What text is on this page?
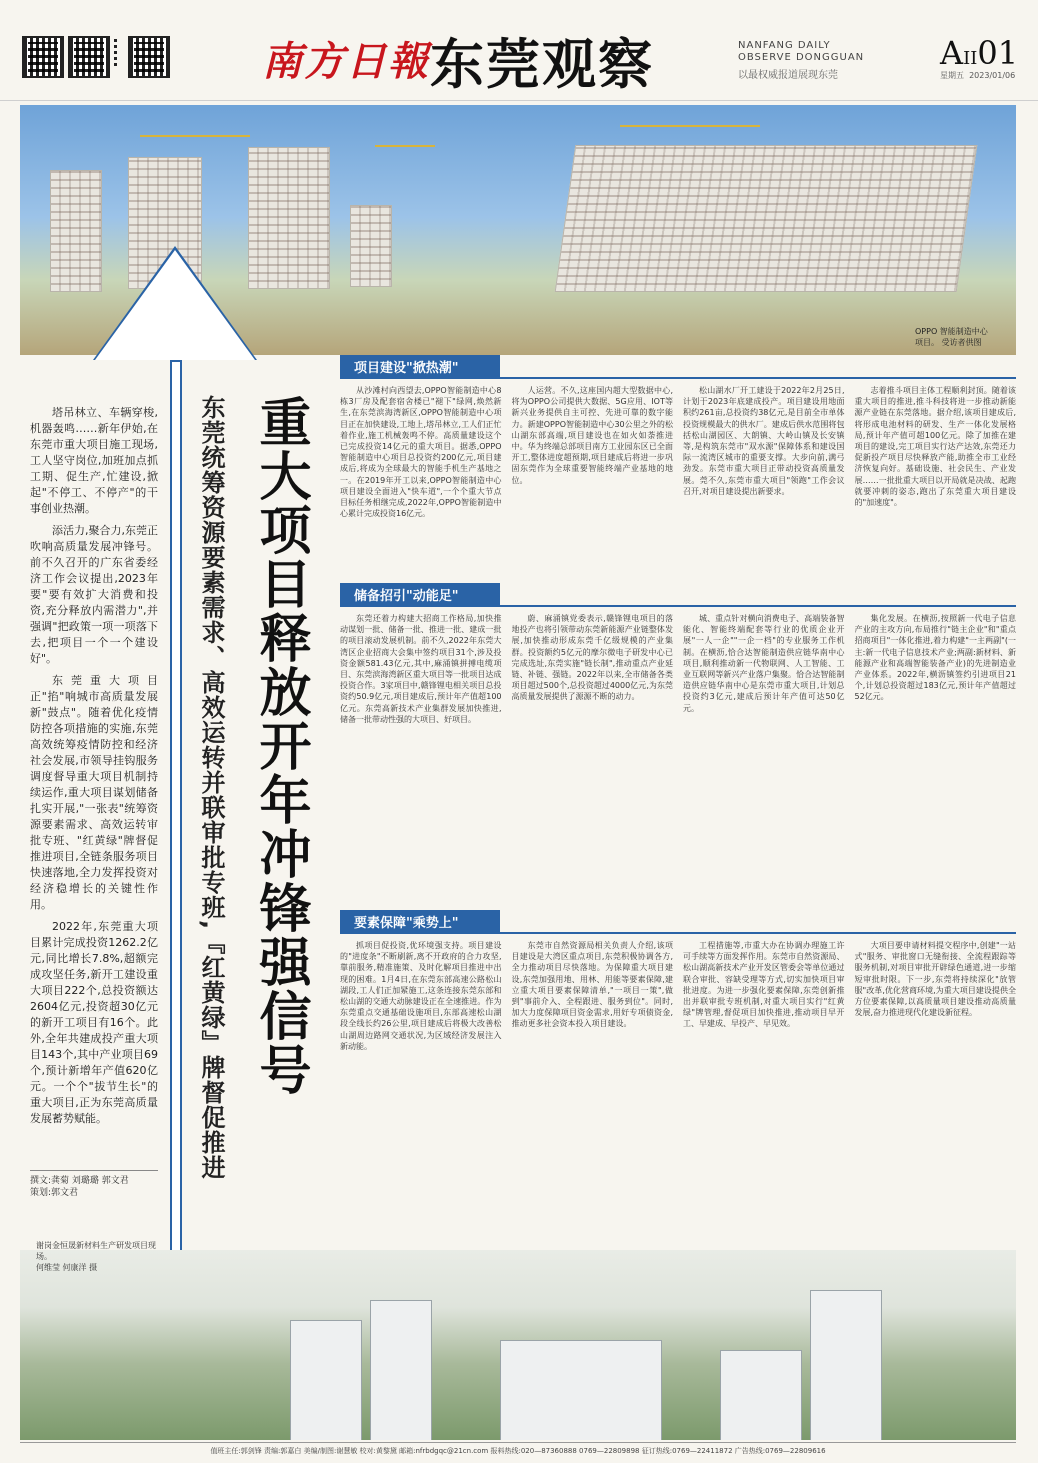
南方日報 东莞观察	NANFANG DAILY
OBSERVE DONGGUAN
以最权威报道展现东莞
AII01
星期五 2023/01/06
OPPO 智能制造中心
项目。 受访者供图

塔吊林立、车辆穿梭,机器轰鸣……新年伊始,在东莞市重大项目施工现场,工人坚守岗位,加班加点抓工期、促生产,忙建设,掀起"不停工、不停产"的干事创业热潮。

添活力,聚合力,东莞正吹响高质量发展冲锋号。前不久召开的广东省委经济工作会议提出,2023年要"要有效扩大消费和投资,充分释放内需潜力",并强调"把政策一项一项落下去,把项目一个一个建设好"。

东莞重大项目正"掐"响城市高质量发展新"鼓点"。随着优化疫情防控各项措施的实施,东莞高效统筹疫情防控和经济社会发展,市领导挂钩服务调度督导重大项目机制持续运作,重大项目谋划储备扎实开展,"一张表"统筹资源要素需求、高效运转审批专班、"红黄绿"牌督促推进项目,全链条服务项目快速落地,全力发挥投资对经济稳增长的关键性作用。

2022年,东莞重大项目累计完成投资1262.2亿元,同比增长7.8%,超额完成攻坚任务,新开工建设重大项目222个,总投资额达2604亿元,投资超30亿元的新开工项目有16个。此外,全年共建成投产重大项目143个,其中产业项目69个,预计新增年产值620亿元。一个个"拔节生长"的重大项目,正为东莞高质量发展蓄势赋能。

撰文:龚菊 刘璐璐 郭文君
策划:郭文君
重大项目释放开年冲锋强信号
东莞统筹资源要素需求、高效运转并联审批专班,『红黄绿』牌督促推进
项目建设"掀热潮"

从沙滩村向西望去,OPPO智能制造中心8栋3厂房及配套宿舍楼已"褪下"绿网,焕然新生,在东莞滨海湾新区,OPPO智能制造中心项目正在加快建设,工地上,塔吊林立,工人们正忙着作业,施工机械轰鸣不停。高质量建设这个已完成投资14亿元的重大项目。据悉,OPPO智能制造中心项目总投资约200亿元,项目建成后,将成为全球最大的智能手机生产基地之一。在2019年开工以来,OPPO智能制造中心项目建设全面进入"快车道",一个个重大节点目标任务相继完成,2022年,OPPO智能制造中心累计完成投资16亿元。

人运营。不久,这座国内超大型数据中心,将为OPPO公司提供大数据、5G应用、IOT等新兴业务提供自主可控、先进可靠的数字能力。新建OPPO智能制造中心30公里之外的松山湖东部高端,项目建设也在如火如荼推进中。华为终端总部项目南方工业园东区已全面开工,整体进度超预期,项目建成后将进一步巩固东莞作为全球重要智能终端产业基地的地位。

松山湖水厂开工建设于2022年2月25日,计划于2023年底建成投产。项目建设用地面积约261亩,总投资约38亿元,是目前全市单体投资规模最大的供水厂。建成后供水范围将包括松山湖园区、大朗镇、大岭山镇及长安镇等,是构筑东莞市"双水源"保障体系和建设国际一流湾区城市的重要支撑。大步向前,满弓劲发。东莞市重大项目正带动投资高质量发展。莞不久,东莞市重大项目"领跑"工作会议召开,对项目建设提出新要求。

志着推斗项目主体工程顺利封顶。随着该重大项目的推进,推斗科技将进一步推动新能源产业链在东莞落地。据介绍,该项目建成后,将形成电池材料的研发、生产一体化发展格局,预计年产值可超100亿元。除了加推在建项目的建设,完工项目实行达产达效,东莞还力促新投产项目尽快释放产能,助推全市工业经济恢复向好。基础设施、社会民生、产业发展……一批批重大项目以开局就是决战、起跑就要冲刺的姿态,跑出了东莞重大项目建设的"加速度"。

储备招引"动能足"

东莞还着力构建大招商工作格局,加快推动谋划一批、储备一批、推进一批、建成一批的项目滚动发展机制。前不久,2022年东莞大湾区企业招商大会集中签约项目31个,涉及投资金额581.43亿元,其中,麻涌镇拼搏电缆项目、东莞滨海湾新区重大项目等一批项目达成投资合作。3家项目中,赣锋锂电相关项目总投资约50.9亿元,项目建成后,预计年产值超100亿元。东莞高新技术产业集群发展加快推进,储备一批带动性强的大项目、好项目。

蔚、麻涌镇党委表示,赣锋锂电项目的落地投产也将引领带动东莞新能源产业链整体发展,加快推动形成东莞千亿级规模的产业集群。投资额约5亿元的摩尔微电子研发中心已完成选址,东莞实施"链长制",推动重点产业延链、补链、强链。2022年以来,全市储备各类项目超过500个,总投资超过4000亿元,为东莞高质量发展提供了源源不断的动力。

城、重点针对横向消费电子、高端装备智能化、智能终端配套等行业的优质企业开展"一人一企""一企一档"的专业服务工作机制。在横沥,恰合达智能制造供应链华南中心项目,顺利推动新一代物联网、人工智能、工业互联网等新兴产业落户集聚。恰合达智能制造供应链华南中心是东莞市重大项目,计划总投资约3亿元,建成后预计年产值可达50亿元。

集化发展。在横沥,按照新一代电子信息产业的主攻方向,布局推行"链主企业"和"重点招商项目"一体化推进,着力构建"一主两副"(一主:新一代电子信息技术产业;两副:新材料、新能源产业和高端智能装备产业)的先进制造业产业体系。2022年,横沥镇签约引进项目21个,计划总投资超过183亿元,预计年产值超过52亿元。

要素保障"乘势上"

抓项目促投资,优环境强支持。项目建设的"进度条"不断刷新,离不开政府的合力攻坚,靠前服务,精准施策、及时化解项目推进中出现的困难。1月4日,在东莞东部高速公路松山湖段,工人们正加紧施工,这条连接东莞东部和松山湖的交通大动脉建设正在全速推进。作为东莞重点交通基础设施项目,东部高速松山湖段全线长约26公里,项目建成后将极大改善松山湖周边路网交通状况,为区域经济发展注入新动能。

东莞市自然资源局相关负责人介绍,该项目建设是大湾区重点项目,东莞积极协调各方,全力推动项目尽快落地。为保障重大项目建设,东莞加强用地、用林、用能等要素保障,建立重大项目要素保障清单,"一项目一策",做到"事前介入、全程跟进、服务到位"。同时,加大力度保障项目资金需求,用好专项债资金,推动更多社会资本投入项目建设。

工程措施等,市重大办在协调办理施工许可手续等方面发挥作用。东莞市自然资源局、松山湖高新技术产业开发区管委会等单位通过联合审批、容缺受理等方式,切实加快项目审批进度。为进一步强化要素保障,东莞创新推出并联审批专班机制,对重大项目实行"红黄绿"牌管理,督促项目加快推进,推动项目早开工、早建成、早投产、早见效。

大项目要申请材料提交程序中,创建"一站式"服务、审批窗口无缝衔接、全流程跟踪等服务机制,对项目审批开辟绿色通道,进一步缩短审批时限。下一步,东莞将持续深化"放管服"改革,优化营商环境,为重大项目建设提供全方位要素保障,以高质量项目建设推动高质量发展,奋力推进现代化建设新征程。

谢岗金恒晟新材料生产研发项目现场。
何维莹 何康洋 摄
值班主任:郭剑锋 责编:郭嘉白 美编/制图:谢慧敏 校对:黄黎黛 邮箱:nfrbdgqc@21cn.com 报料热线:020—87360888 0769—22809898 征订热线:0769—22411872 广告热线:0769—22809616
